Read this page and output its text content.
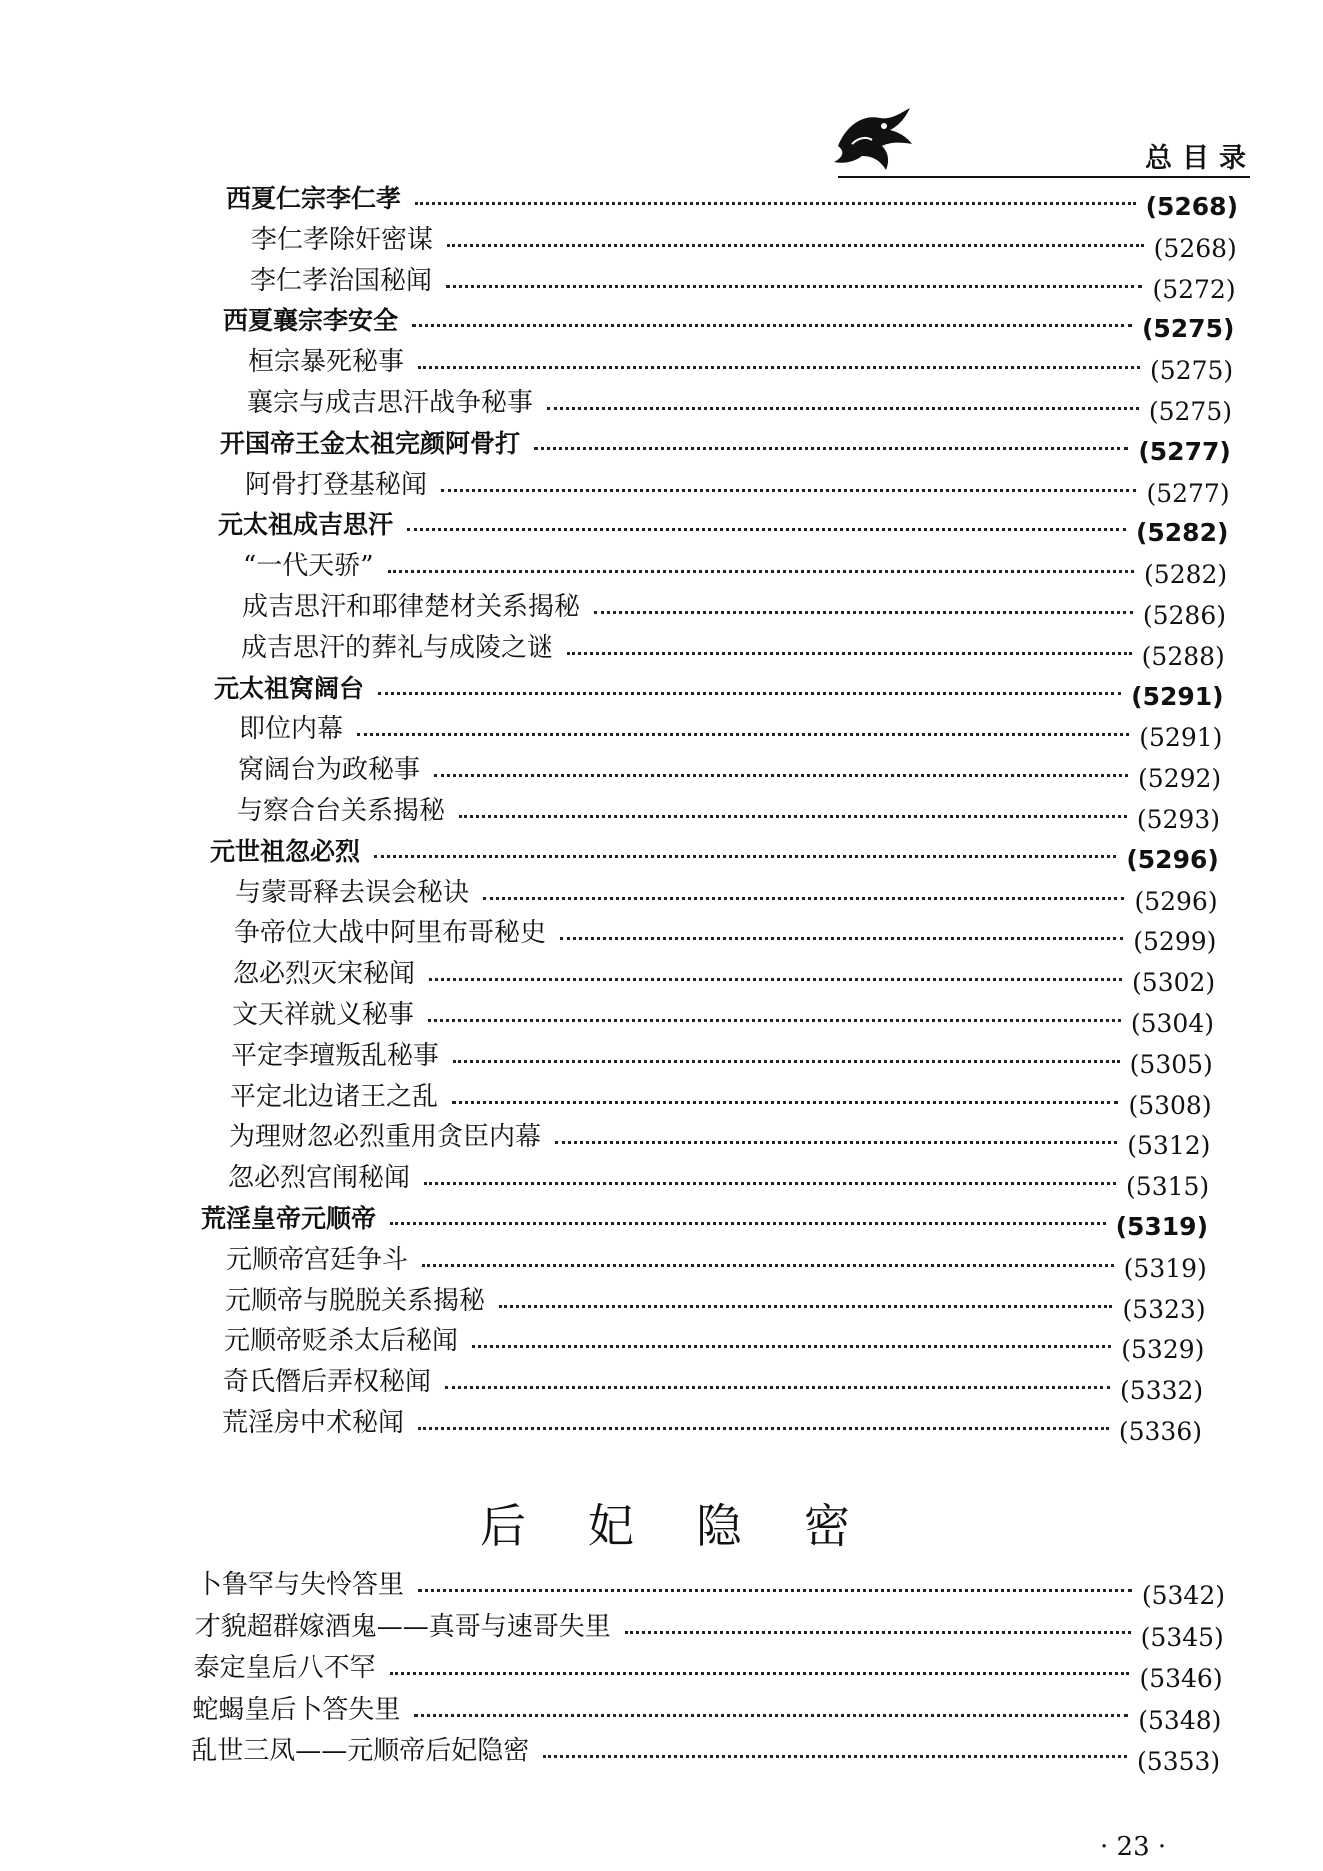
总目录
西夏仁宗李仁孝	(5268)
李仁孝除奸密谋	(5268)
李仁孝治国秘闻	(5272)
西夏襄宗李安全	(5275)
桓宗暴死秘事	(5275)
襄宗与成吉思汗战争秘事	(5275)
开国帝王金太祖完颜阿骨打	(5277)
阿骨打登基秘闻	(5277)
元太祖成吉思汗	(5282)
“一代天骄”	(5282)
成吉思汗和耶律楚材关系揭秘	(5286)
成吉思汗的葬礼与成陵之谜	(5288)
元太祖窝阔台	(5291)
即位内幕	(5291)
窝阔台为政秘事	(5292)
与察合台关系揭秘	(5293)
元世祖忽必烈	(5296)
与蒙哥释去误会秘诀	(5296)
争帝位大战中阿里布哥秘史	(5299)
忽必烈灭宋秘闻	(5302)
文天祥就义秘事	(5304)
平定李璮叛乱秘事	(5305)
平定北边诸王之乱	(5308)
为理财忽必烈重用贪臣内幕	(5312)
忽必烈宫闱秘闻	(5315)
荒淫皇帝元顺帝	(5319)
元顺帝宫廷争斗	(5319)
元顺帝与脱脱关系揭秘	(5323)
元顺帝贬杀太后秘闻	(5329)
奇氏僭后弄权秘闻	(5332)
荒淫房中术秘闻	(5336)
后妃隐密
卜鲁罕与失怜答里	(5342)
才貌超群嫁酒鬼——真哥与速哥失里	(5345)
泰定皇后八不罕	(5346)
蛇蝎皇后卜答失里	(5348)
乱世三凤——元顺帝后妃隐密	(5353)
· 23 ·
